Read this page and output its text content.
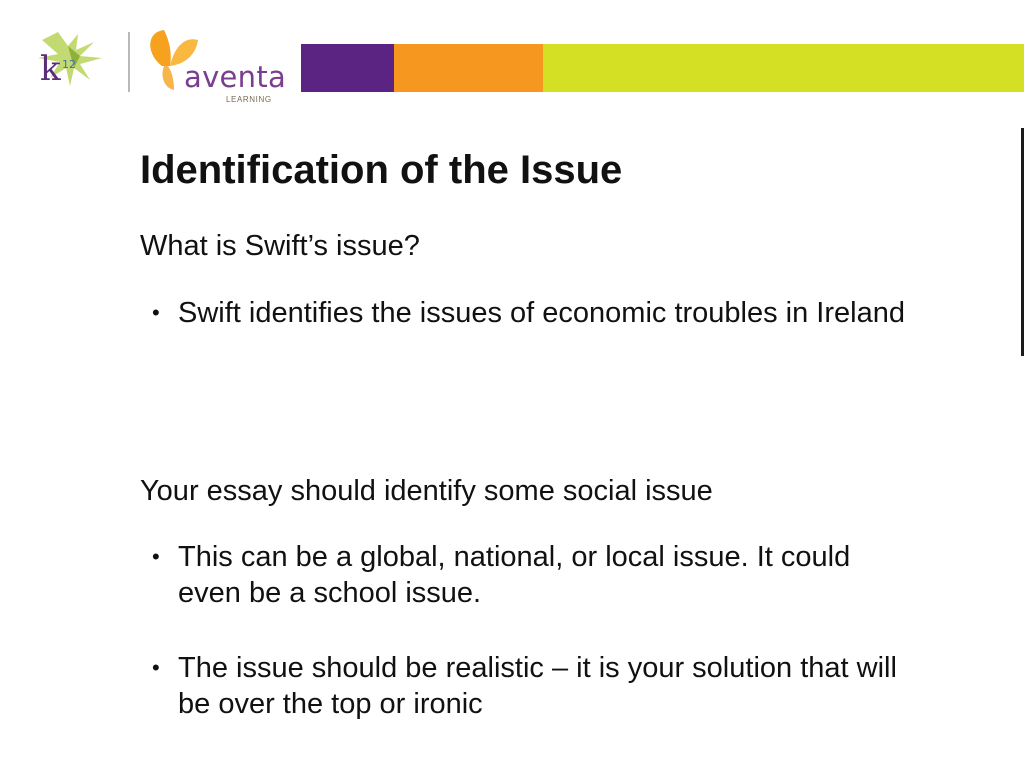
k 12	aventa
LEARNING
Identification of the Issue

What is Swift’s issue?

• Swift identifies the issues of economic troubles in Ireland

Your essay should identify some social issue

• This can be a global, national, or local issue. It could even be a school issue.
• The issue should be realistic – it is your solution that will be over the top or ironic
